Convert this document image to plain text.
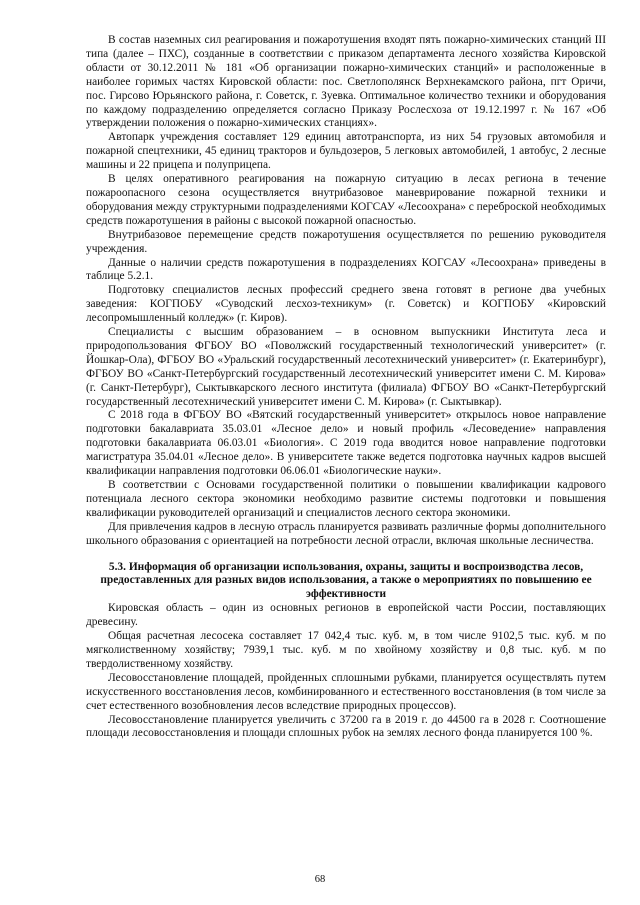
В состав наземных сил реагирования и пожаротушения входят пять пожарно-химических станций III типа (далее – ПХС), созданные в соответствии с приказом департамента лесного хозяйства Кировской области от 30.12.2011 № 181 «Об организации пожарно-химических станций» и расположенные в наиболее горимых частях Кировской области: пос. Светлополянск Верхнекамского района, пгт Оричи, пос. Гирсово Юрьянского района, г. Советск, г. Зуевка. Оптимальное количество техники и оборудования по каждому подразделению определяется согласно Приказу Рослесхоза от 19.12.1997 г. № 167 «Об утверждении положения о пожарно-химических станциях».

Автопарк учреждения составляет 129 единиц автотранспорта, из них 54 грузовых автомобиля и пожарной спецтехники, 45 единиц тракторов и бульдозеров, 5 легковых автомобилей, 1 автобус, 2 лесные машины и 22 прицепа и полуприцепа.

В целях оперативного реагирования на пожарную ситуацию в лесах региона в течение пожароопасного сезона осуществляется внутрибазовое маневрирование пожарной техники и оборудования между структурными подразделениями КОГСАУ «Лесоохрана» с переброской необходимых средств пожаротушения в районы с высокой пожарной опасностью.

Внутрибазовое перемещение средств пожаротушения осуществляется по решению руководителя учреждения.

Данные о наличии средств пожаротушения в подразделениях КОГСАУ «Лесоохрана» приведены в таблице 5.2.1.

Подготовку специалистов лесных профессий среднего звена готовят в регионе два учебных заведения: КОГПОБУ «Суводский лесхоз-техникум» (г. Советск) и КОГПОБУ «Кировский лесопромышленный колледж» (г. Киров).

Специалисты с высшим образованием – в основном выпускники Института леса и природопользования ФГБОУ ВО «Поволжский государственный технологический университет» (г. Йошкар-Ола), ФГБОУ ВО «Уральский государственный лесотехнический университет» (г. Екатеринбург), ФГБОУ ВО «Санкт-Петербургский государственный лесотехнический университет имени С. М. Кирова» (г. Санкт-Петербург), Сыктывкарского лесного института (филиала) ФГБОУ ВО «Санкт-Петербургский государственный лесотехнический университет имени С. М. Кирова» (г. Сыктывкар).

С 2018 года в ФГБОУ ВО «Вятский государственный университет» открылось новое направление подготовки бакалавриата 35.03.01 «Лесное дело» и новый профиль «Лесоведение» направления подготовки бакалавриата 06.03.01 «Биология». С 2019 года вводится новое направление подготовки магистратура 35.04.01 «Лесное дело». В университете также ведется подготовка научных кадров высшей квалификации направления подготовки 06.06.01 «Биологические науки».

В соответствии с Основами государственной политики о повышении квалификации кадрового потенциала лесного сектора экономики необходимо развитие системы подготовки и повышения квалификации руководителей организаций и специалистов лесного сектора экономики.

Для привлечения кадров в лесную отрасль планируется развивать различные формы дополнительного школьного образования с ориентацией на потребности лесной отрасли, включая школьные лесничества.

5.3. Информация об организации использования, охраны, защиты и воспроизводства лесов, предоставленных для разных видов использования, а также о мероприятиях по повышению ее эффективности

Кировская область – один из основных регионов в европейской части России, поставляющих древесину.

Общая расчетная лесосека составляет 17 042,4 тыс. куб. м, в том числе 9102,5 тыс. куб. м по мягколиственному хозяйству; 7939,1 тыс. куб. м по хвойному хозяйству и 0,8 тыс. куб. м по твердолиственному хозяйству.

Лесовосстановление площадей, пройденных сплошными рубками, планируется осуществлять путем искусственного восстановления лесов, комбинированного и естественного восстановления (в том числе за счет естественного возобновления лесов вследствие природных процессов).

Лесовосстановление планируется увеличить с 37200 га в 2019 г. до 44500 га в 2028 г. Соотношение площади лесовосстановления и площади сплошных рубок на землях лесного фонда планируется 100 %.

68
